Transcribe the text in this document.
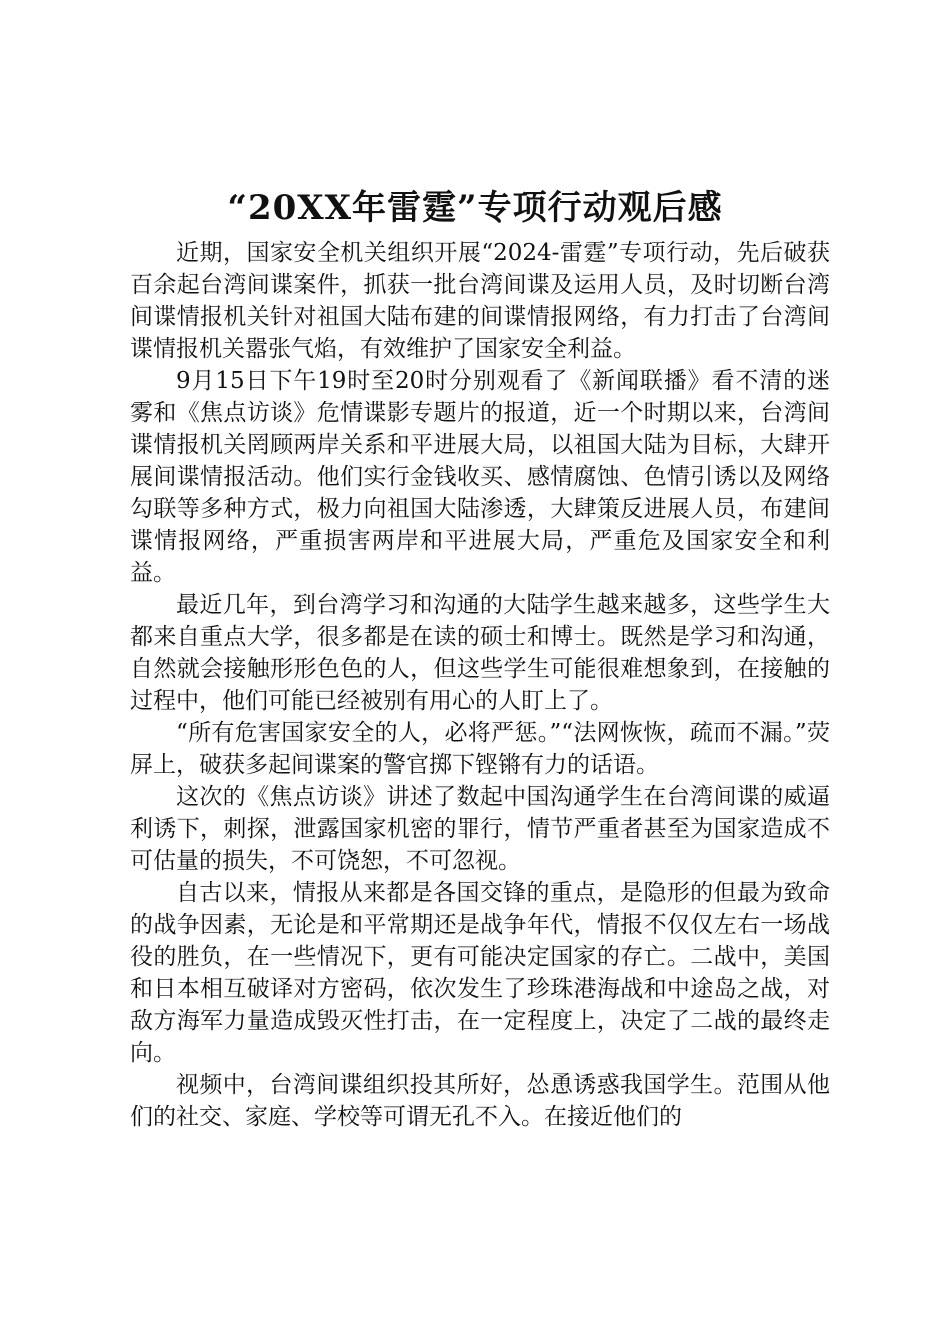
“20XX年雷霆”专项行动观后感

近期，国家安全机关组织开展“2024-雷霆”专项行动，先后破获百余起台湾间谍案件，抓获一批台湾间谍及运用人员，及时切断台湾间谍情报机关针对祖国大陆布建的间谍情报网络，有力打击了台湾间谍情报机关嚣张气焰，有效维护了国家安全利益。

9月15日下午19时至20时分别观看了《新闻联播》看不清的迷雾和《焦点访谈》危情谍影专题片的报道，近一个时期以来，台湾间谍情报机关罔顾两岸关系和平进展大局，以祖国大陆为目标，大肆开展间谍情报活动。他们实行金钱收买、感情腐蚀、色情引诱以及网络勾联等多种方式，极力向祖国大陆渗透，大肆策反进展人员，布建间谍情报网络，严重损害两岸和平进展大局，严重危及国家安全和利益。

最近几年，到台湾学习和沟通的大陆学生越来越多，这些学生大都来自重点大学，很多都是在读的硕士和博士。既然是学习和沟通，自然就会接触形形色色的人，但这些学生可能很难想象到，在接触的过程中，他们可能已经被别有用心的人盯上了。

“所有危害国家安全的人，必将严惩。”“法网恢恢，疏而不漏。”荧屏上，破获多起间谍案的警官掷下铿锵有力的话语。

这次的《焦点访谈》讲述了数起中国沟通学生在台湾间谍的威逼利诱下，刺探，泄露国家机密的罪行，情节严重者甚至为国家造成不可估量的损失，不可饶恕，不可忽视。

自古以来，情报从来都是各国交锋的重点，是隐形的但最为致命的战争因素，无论是和平常期还是战争年代，情报不仅仅左右一场战役的胜负，在一些情况下，更有可能决定国家的存亡。二战中，美国和日本相互破译对方密码，依次发生了珍珠港海战和中途岛之战，对敌方海军力量造成毁灭性打击，在一定程度上，决定了二战的最终走向。

视频中，台湾间谍组织投其所好，怂恿诱惑我国学生。范围从他们的社交、家庭、学校等可谓无孔不入。在接近他们的
